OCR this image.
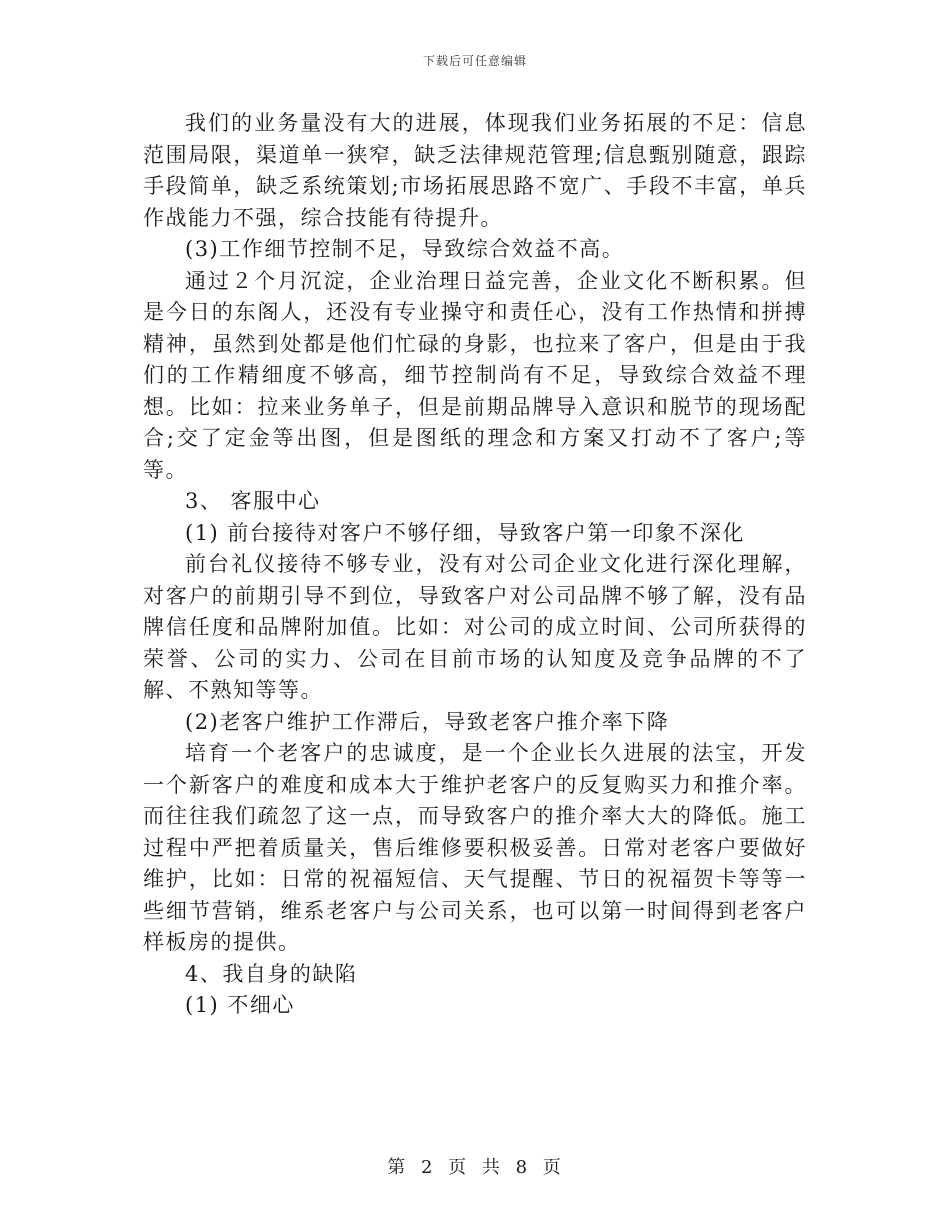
下载后可任意编辑

我们的业务量没有大的进展，体现我们业务拓展的不足：信息范围局限，渠道单一狭窄，缺乏法律规范管理;信息甄别随意，跟踪手段简单，缺乏系统策划;市场拓展思路不宽广、手段不丰富，单兵作战能力不强，综合技能有待提升。

(3)工作细节控制不足，导致综合效益不高。

通过２个月沉淀，企业治理日益完善，企业文化不断积累。但是今日的东阁人，还没有专业操守和责任心，没有工作热情和拼搏精神，虽然到处都是他们忙碌的身影，也拉来了客户，但是由于我们的工作精细度不够高，细节控制尚有不足，导致综合效益不理想。比如：拉来业务单子，但是前期品牌导入意识和脱节的现场配合;交了定金等出图，但是图纸的理念和方案又打动不了客户;等等。

3、 客服中心

(1) 前台接待对客户不够仔细，导致客户第一印象不深化

前台礼仪接待不够专业，没有对公司企业文化进行深化理解，对客户的前期引导不到位，导致客户对公司品牌不够了解，没有品牌信任度和品牌附加值。比如：对公司的成立时间、公司所获得的荣誉、公司的实力、公司在目前市场的认知度及竞争品牌的不了解、不熟知等等。

(2)老客户维护工作滞后，导致老客户推介率下降

培育一个老客户的忠诚度，是一个企业长久进展的法宝，开发一个新客户的难度和成本大于维护老客户的反复购买力和推介率。而往往我们疏忽了这一点，而导致客户的推介率大大的降低。施工过程中严把着质量关，售后维修要积极妥善。日常对老客户要做好维护，比如：日常的祝福短信、天气提醒、节日的祝福贺卡等等一些细节营销，维系老客户与公司关系，也可以第一时间得到老客户样板房的提供。

4、我自身的缺陷

(1) 不细心

第 2 页 共 8 页
